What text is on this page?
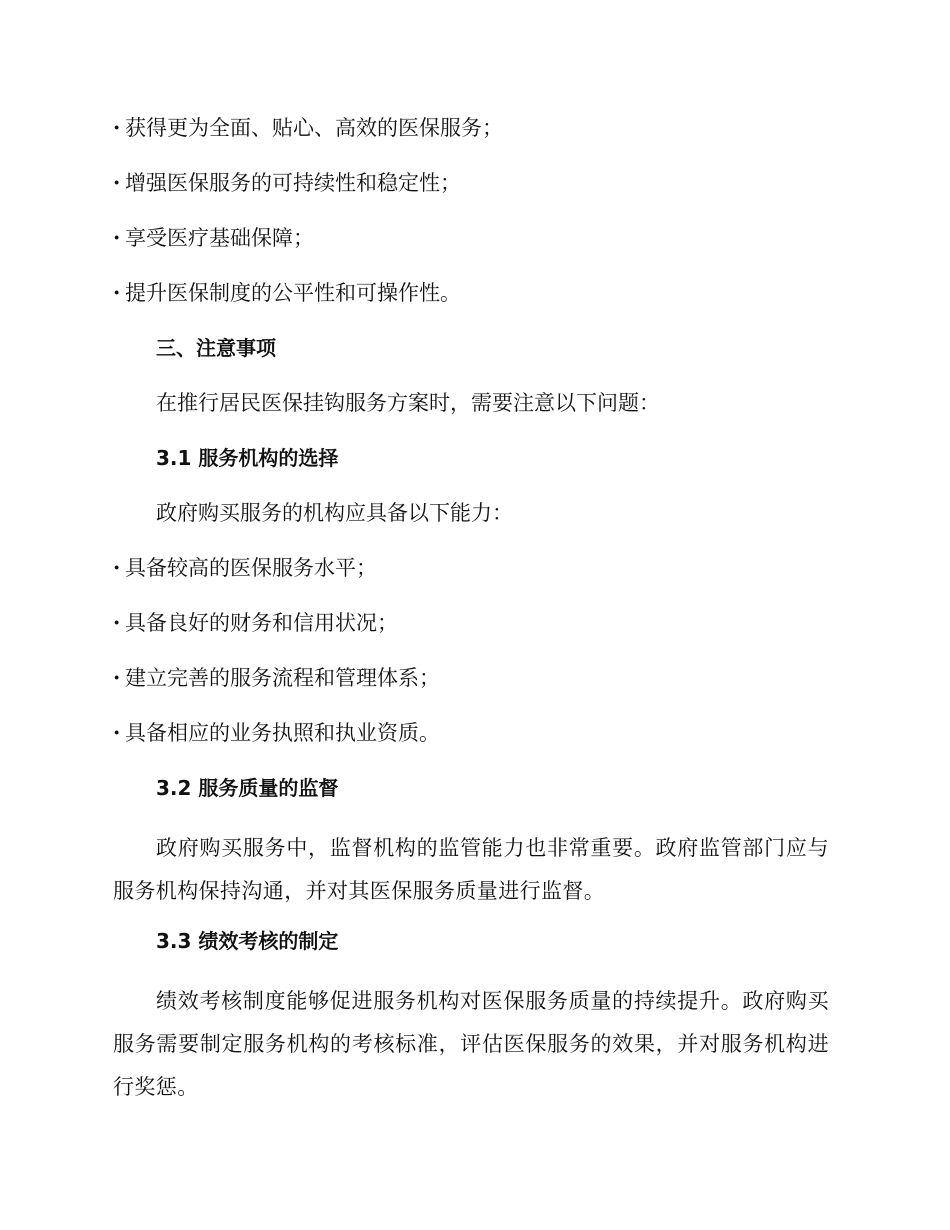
· 获得更为全面、贴心、高效的医保服务；
· 增强医保服务的可持续性和稳定性；
· 享受医疗基础保障；
· 提升医保制度的公平性和可操作性。
三、注意事项
在推行居民医保挂钩服务方案时，需要注意以下问题：
3.1 服务机构的选择
政府购买服务的机构应具备以下能力：
· 具备较高的医保服务水平；
· 具备良好的财务和信用状况；
· 建立完善的服务流程和管理体系；
· 具备相应的业务执照和执业资质。
3.2 服务质量的监督

政府购买服务中，监督机构的监管能力也非常重要。政府监管部门应与服务机构保持沟通，并对其医保服务质量进行监督。

3.3 绩效考核的制定

绩效考核制度能够促进服务机构对医保服务质量的持续提升。政府购买服务需要制定服务机构的考核标准，评估医保服务的效果，并对服务机构进行奖惩。
